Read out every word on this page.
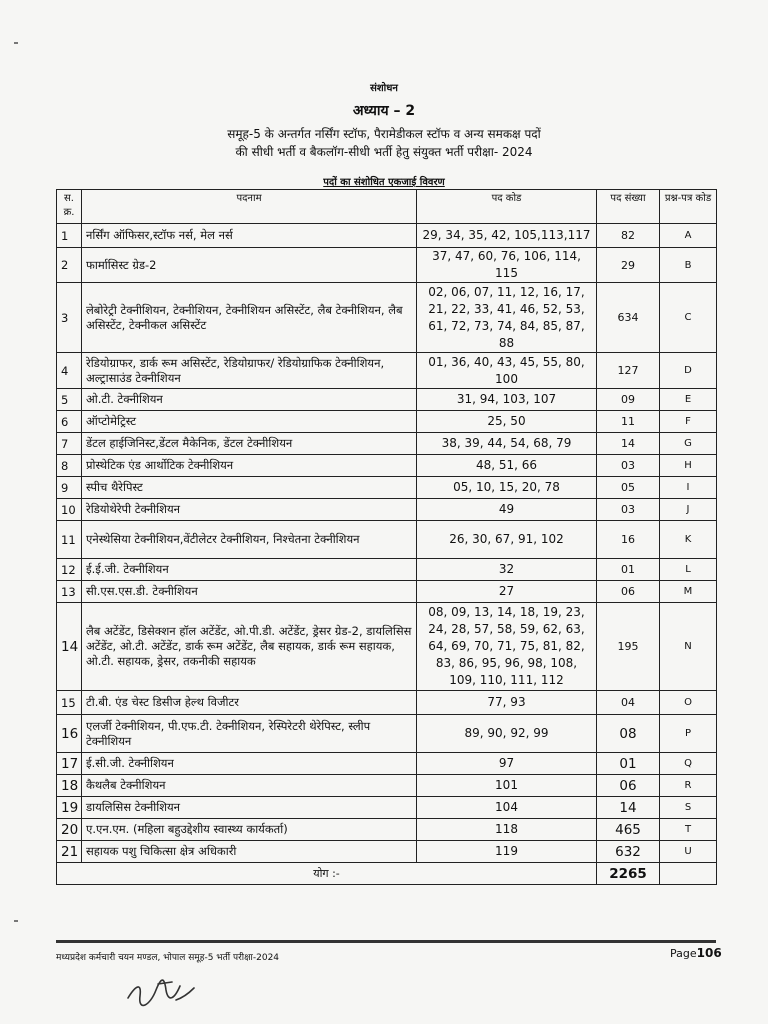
संशोधन
अध्याय – 2
समूह-5 के अन्तर्गत नर्सिंग स्टॉफ, पैरामेडीकल स्टॉफ व अन्य समकक्ष पदों
की सीधी भर्ती व बैकलॉग-सीधी भर्ती हेतु संयुक्त भर्ती परीक्षा- 2024
पदों का संशोधित एकजाई विवरण
स. क्र.	पदनाम	पद कोड	पद संख्या	प्रश्न-पत्र कोड
1	नर्सिंग ऑफिसर,स्टॉफ नर्स, मेल नर्स	29, 34, 35, 42, 105,113,117	82	A
2	फार्मासिस्ट ग्रेड-2	37, 47, 60, 76, 106, 114, 115	29	B
3	लेबोरेट्री टेक्नीशियन, टेक्नीशियन, टेक्नीशियन असिस्टेंट, लैब टेक्नीशियन, लैब असिस्टेंट, टेक्नीकल असिस्टेंट	02, 06, 07, 11, 12, 16, 17, 21, 22, 33, 41, 46, 52, 53, 61, 72, 73, 74, 84, 85, 87, 88	634	C
4	रेडियोग्राफर, डार्क रूम असिस्टेंट, रेडियोग्राफर/ रेडियोग्राफिक टेक्नीशियन, अल्ट्रासाउंड टेक्नीशियन	01, 36, 40, 43, 45, 55, 80, 100	127	D
5	ओ.टी. टेक्नीशियन	31, 94, 103, 107	09	E
6	ऑप्टोमेट्रिस्ट	25, 50	11	F
7	डेंटल हाईजिनिस्ट,डेंटल मैकेनिक, डेंटल टेक्नीशियन	38, 39, 44, 54, 68, 79	14	G
8	प्रोस्थेटिक एंड आर्थोटिक टेक्नीशियन	48, 51, 66	03	H
9	स्पीच थैरेपिस्ट	05, 10, 15, 20, 78	05	I
10	रेडियोथेरेपी टेक्नीशियन	49	03	J
11	एनेस्थेसिया टेक्नीशियन,वेंटीलेटर टेक्नीशियन, निश्चेतना टेक्नीशियन	26, 30, 67, 91, 102	16	K
12	ई.ई.जी. टेक्नीशियन	32	01	L
13	सी.एस.एस.डी. टेक्नीशियन	27	06	M
14	लैब अटेंडेंट, डिसेक्शन हॉल अटेंडेंट, ओ.पी.डी. अटेंडेंट, ड्रेसर ग्रेड-2, डायलिसिस अटेंडेंट, ओ.टी. अटेंडेंट, डार्क रूम अटेंडेंट, लैब सहायक, डार्क रूम सहायक, ओ.टी. सहायक, ड्रेसर, तकनीकी सहायक	08, 09, 13, 14, 18, 19, 23, 24, 28, 57, 58, 59, 62, 63, 64, 69, 70, 71, 75, 81, 82, 83, 86, 95, 96, 98, 108, 109, 110, 111, 112	195	N
15	टी.बी. एंड चेस्ट डिसीज हेल्थ विजीटर	77, 93	04	O
16	एलर्जी टेक्नीशियन, पी.एफ.टी. टेक्नीशियन, रेस्पिरेटरी थेरेपिस्ट, स्लीप टेक्नीशियन	89, 90, 92, 99	08	P
17	ई.सी.जी. टेक्नीशियन	97	01	Q
18	कैथलैब टेक्नीशियन	101	06	R
19	डायलिसिस टेक्नीशियन	104	14	S
20	ए.एन.एम. (महिला बहुउद्देशीय स्वास्थ्य कार्यकर्ता)	118	465	T
21	सहायक पशु चिकित्सा क्षेत्र अधिकारी	119	632	U
योग :-			2265	
मध्यप्रदेश कर्मचारी चयन मण्डल, भोपाल समूह-5 भर्ती परीक्षा-2024	Page106
